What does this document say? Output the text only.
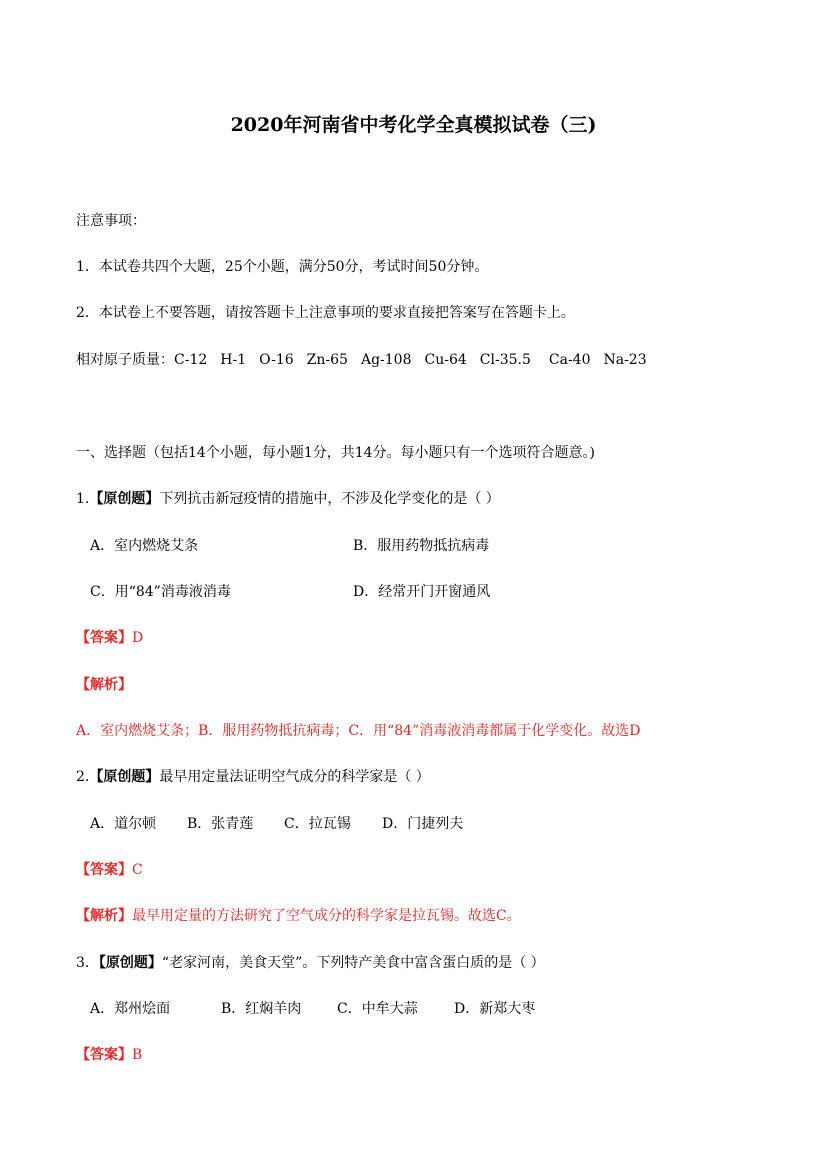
2020年河南省中考化学全真模拟试卷（三)
注意事项：
1．本试卷共四个大题，25个小题，满分50分，考试时间50分钟。
2．本试卷上不要答题，请按答题卡上注意事项的要求直接把答案写在答题卡上。
相对原子质量：C-12 H-1 O-16 Zn-65 Ag-108 Cu-64 Cl-35.5 Ca-40 Na-23
一、选择题（包括14个小题，每小题1分，共14分。每小题只有一个选项符合题意。)
1.【原创题】下列抗击新冠疫情的措施中，不涉及化学变化的是（ ）
A．室内燃烧艾条	B．服用药物抵抗病毒
C．用“84”消毒液消毒	D．经常开门开窗通风
【答案】D
【解析】
A．室内燃烧艾条；B．服用药物抵抗病毒；C．用“84”消毒液消毒都属于化学变化。故选D
2.【原创题】最早用定量法证明空气成分的科学家是（ ）
A．道尔顿 B．张青莲 C．拉瓦锡 D．门捷列夫
【答案】C
【解析】最早用定量的方法研究了空气成分的科学家是拉瓦锡。故选C。
3．【原创题】“老家河南，美食天堂”。下列特产美食中富含蛋白质的是（ ）
A．郑州烩面	B．红焖羊肉	C．中牟大蒜	D．新郑大枣
【答案】B
